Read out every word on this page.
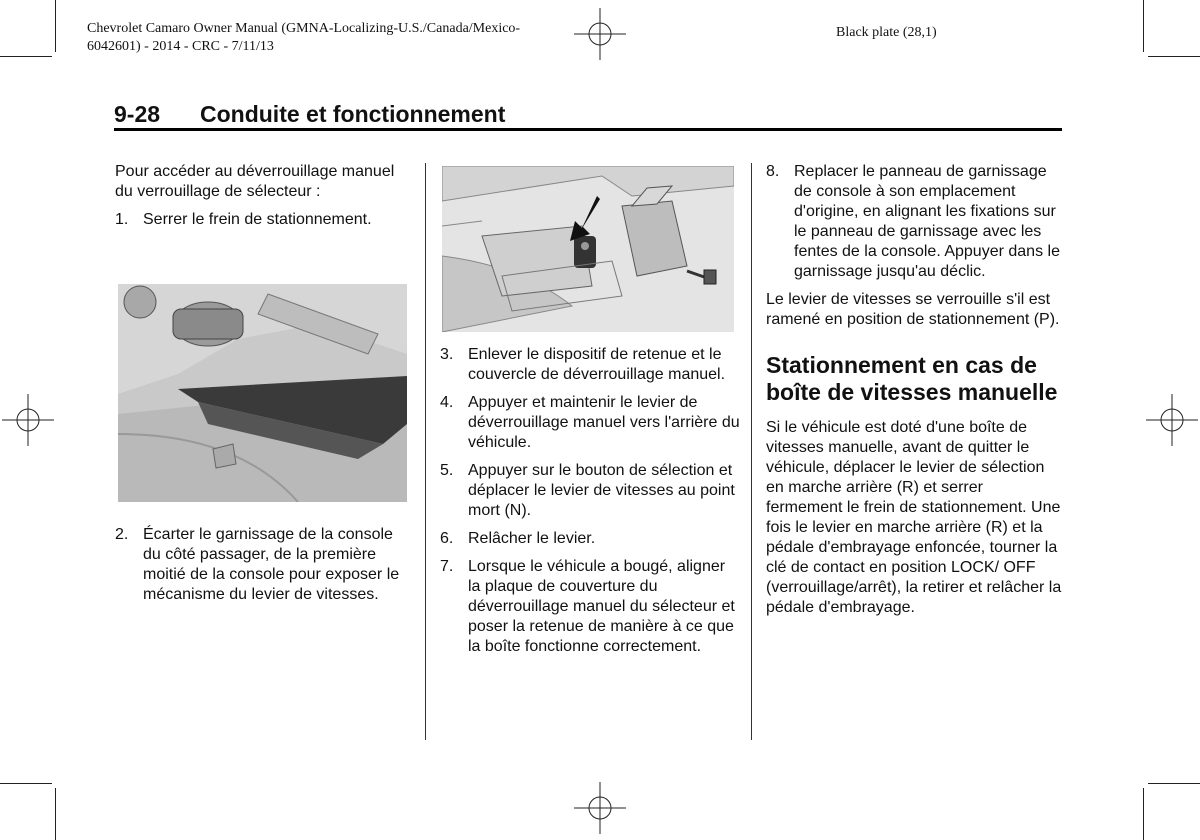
Chevrolet Camaro Owner Manual (GMNA-Localizing-U.S./Canada/Mexico-
6042601) - 2014 - CRC - 7/11/13
Black plate (28,1)
9-28 Conduite et fonctionnement

Pour accéder au déverrouillage manuel du verrouillage de sélecteur :

1. Serrer le frein de stationnement.
2. Écarter le garnissage de la console du côté passager, de la première moitié de la console pour exposer le mécanisme du levier de vitesses.
3. Enlever le dispositif de retenue et le couvercle de déverrouillage manuel.
4. Appuyer et maintenir le levier de déverrouillage manuel vers l'arrière du véhicule.
5. Appuyer sur le bouton de sélection et déplacer le levier de vitesses au point mort (N).
6. Relâcher le levier.
7. Lorsque le véhicule a bougé, aligner la plaque de couverture du déverrouillage manuel du sélecteur et poser la retenue de manière à ce que la boîte fonctionne correctement.
8. Replacer le panneau de garnissage de console à son emplacement d'origine, en alignant les fixations sur le panneau de garnissage avec les fentes de la console. Appuyer dans le garnissage jusqu'au déclic.

Le levier de vitesses se verrouille s'il est ramené en position de stationnement (P).

Stationnement en cas de boîte de vitesses manuelle

Si le véhicule est doté d'une boîte de vitesses manuelle, avant de quitter le véhicule, déplacer le levier de sélection en marche arrière (R) et serrer fermement le frein de stationnement. Une fois le levier en marche arrière (R) et la pédale d'embrayage enfoncée, tourner la clé de contact en position LOCK/ OFF (verrouillage/arrêt), la retirer et relâcher la pédale d'embrayage.
